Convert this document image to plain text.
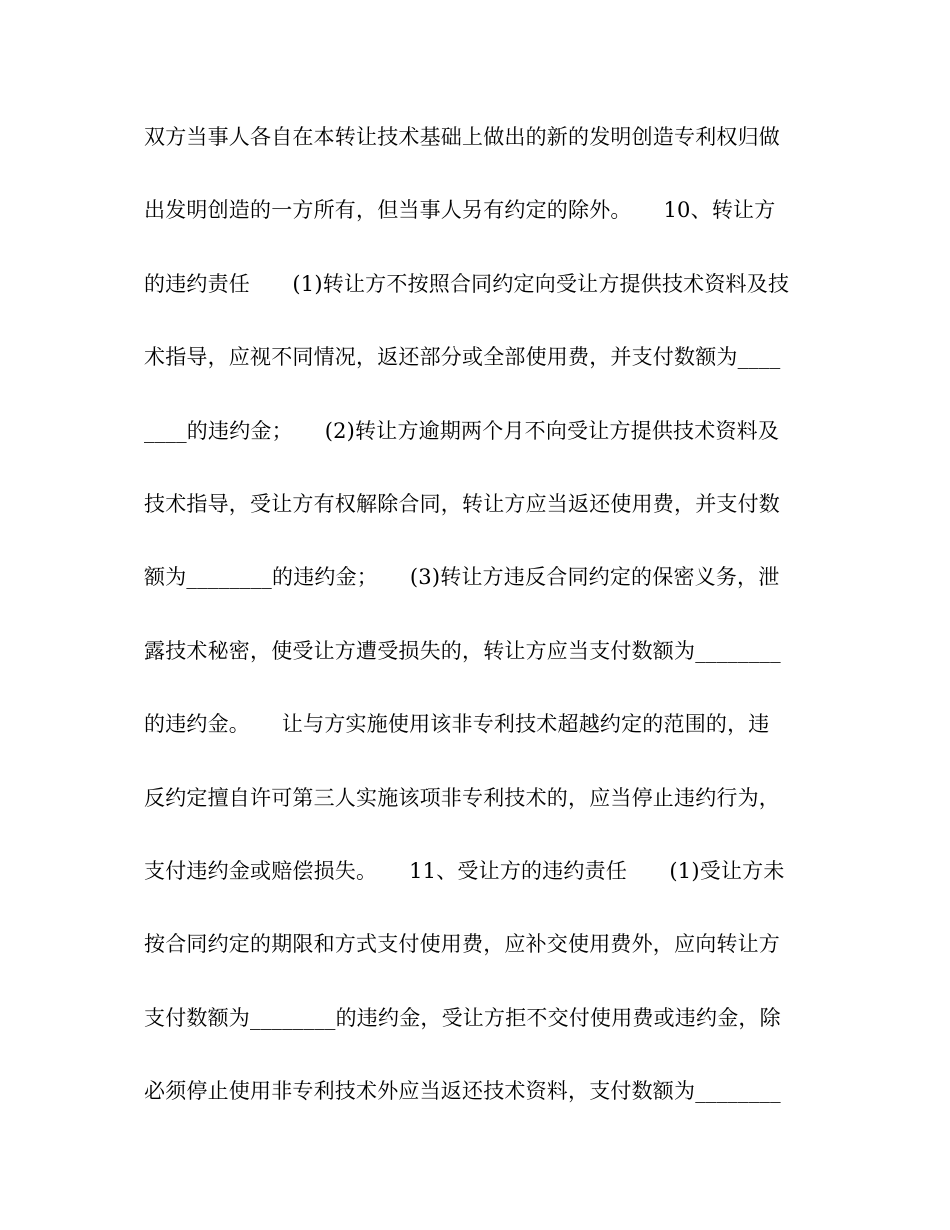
双方当事人各自在本转让技术基础上做出的新的发明创造专利权归做
出发明创造的一方所有，但当事人另有约定的除外。　　10、转让方
的违约责任　　(1)转让方不按照合同约定向受让方提供技术资料及技
术指导，应视不同情况，返还部分或全部使用费，并支付数额为____
____的违约金；　　(2)转让方逾期两个月不向受让方提供技术资料及
技术指导，受让方有权解除合同，转让方应当返还使用费，并支付数
额为________的违约金；　　(3)转让方违反合同约定的保密义务，泄
露技术秘密，使受让方遭受损失的，转让方应当支付数额为________
的违约金。　　让与方实施使用该非专利技术超越约定的范围的，违
反约定擅自许可第三人实施该项非专利技术的，应当停止违约行为，
支付违约金或赔偿损失。　　11、受让方的违约责任　　(1)受让方未
按合同约定的期限和方式支付使用费，应补交使用费外，应向转让方
支付数额为________的违约金，受让方拒不交付使用费或违约金，除
必须停止使用非专利技术外应当返还技术资料，支付数额为________
